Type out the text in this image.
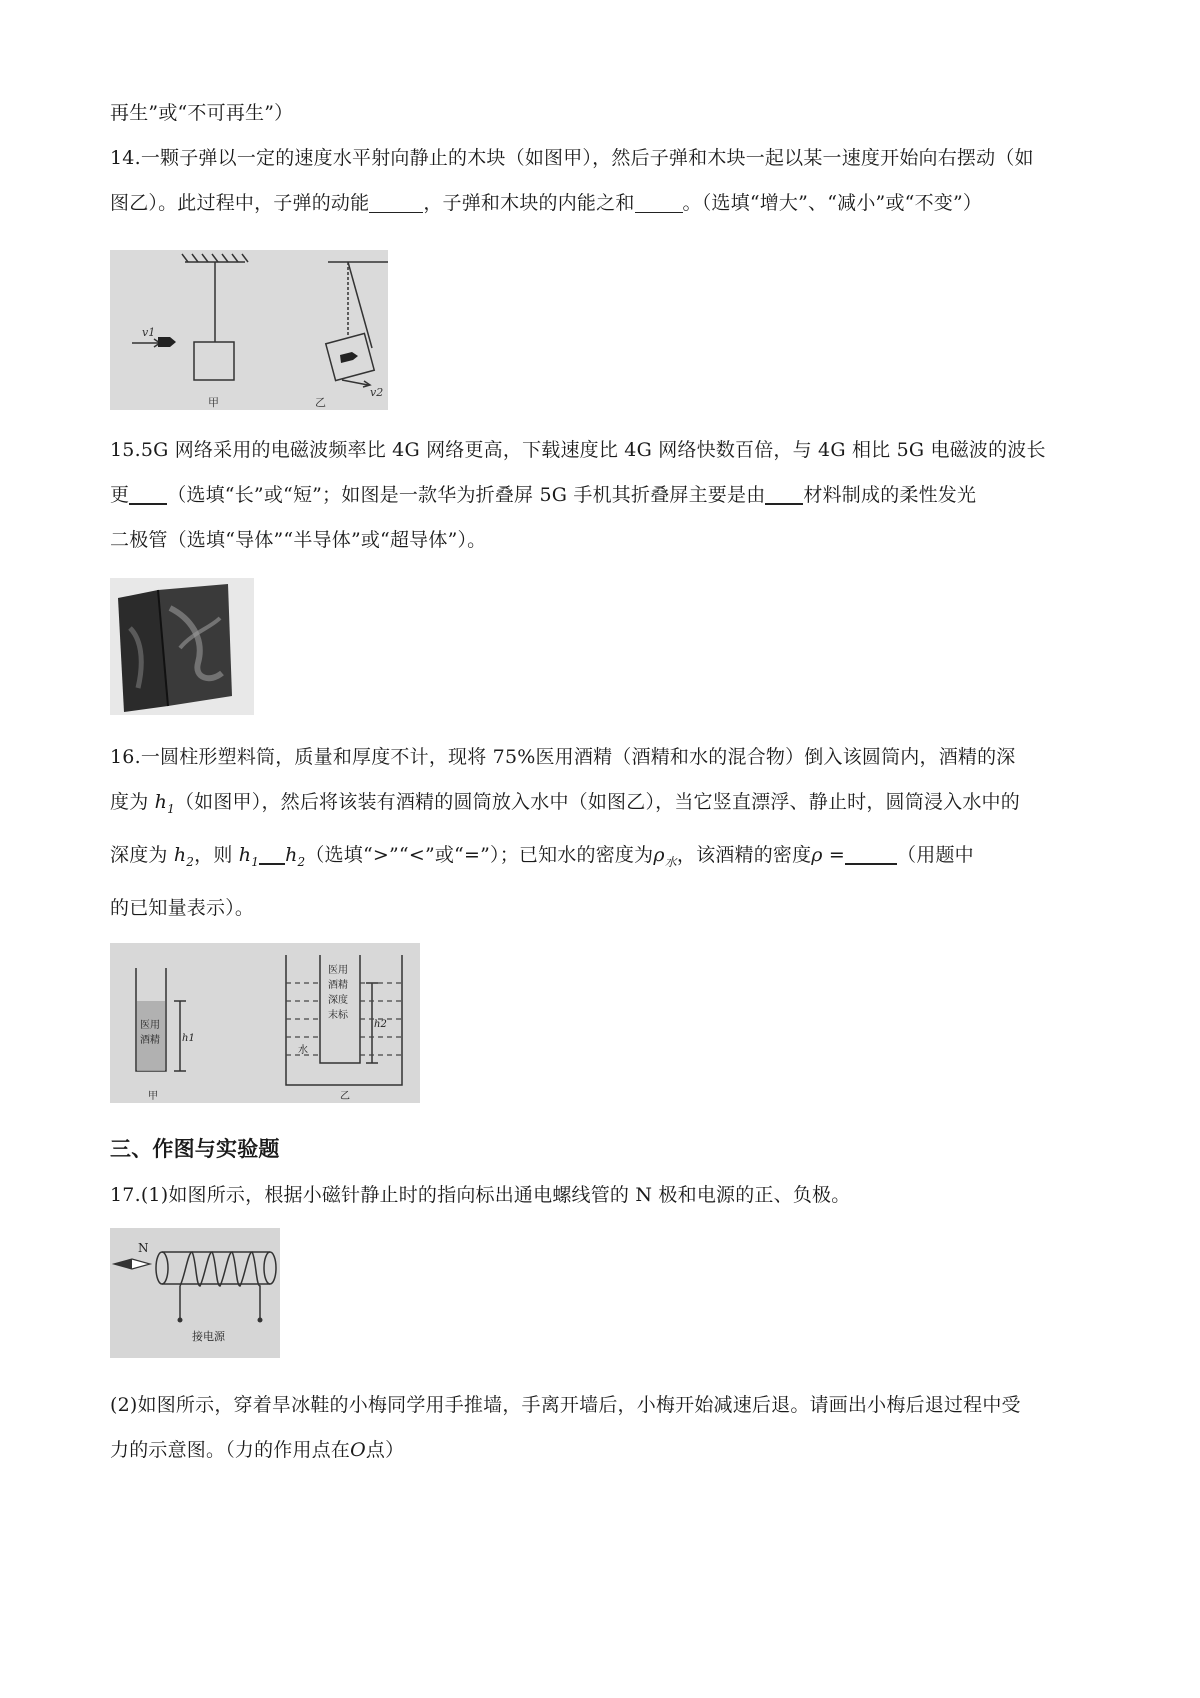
再生”或“不可再生”）
14.一颗子弹以一定的速度水平射向静止的木块（如图甲），然后子弹和木块一起以某一速度开始向右摆动（如
图乙）。此过程中，子弹的动能	，子弹和木块的内能之和	。（选填“增大”、“减小”或“不变”）
v1
v2
甲	乙
15.5G 网络采用的电磁波频率比 4G 网络更高，下载速度比 4G 网络快数百倍，与 4G 相比 5G 电磁波的波长
更 （选填“长”或“短”；如图是一款华为折叠屏 5G 手机其折叠屏主要是由 材料制成的柔性发光
二极管（选填“导体”“半导体”或“超导体”）。
16.一圆柱形塑料筒，质量和厚度不计，现将 75%医用酒精（酒精和水的混合物）倒入该圆筒内，酒精的深
度为 $h_1$（如图甲），然后将该装有酒精的圆筒放入水中（如图乙），当它竖直漂浮、静止时，圆筒浸入水中的
深度为 $h_2$，则 $h_1$ $h_2$（选填“>”“<”或“=”）；已知水的密度为$\rho_水$，该酒精的密度ρ =	（用题中
的已知量表示）。
医用
酒精 h1
医用
酒精
深度
末标
h2
水
甲	乙
三、作图与实验题
17.(1)如图所示，根据小磁针静止时的指向标出通电螺线管的 N 极和电源的正、负极。
N
接电源
(2)如图所示，穿着旱冰鞋的小梅同学用手推墙，手离开墙后，小梅开始减速后退。请画出小梅后退过程中受
力的示意图。（力的作用点在O点）
